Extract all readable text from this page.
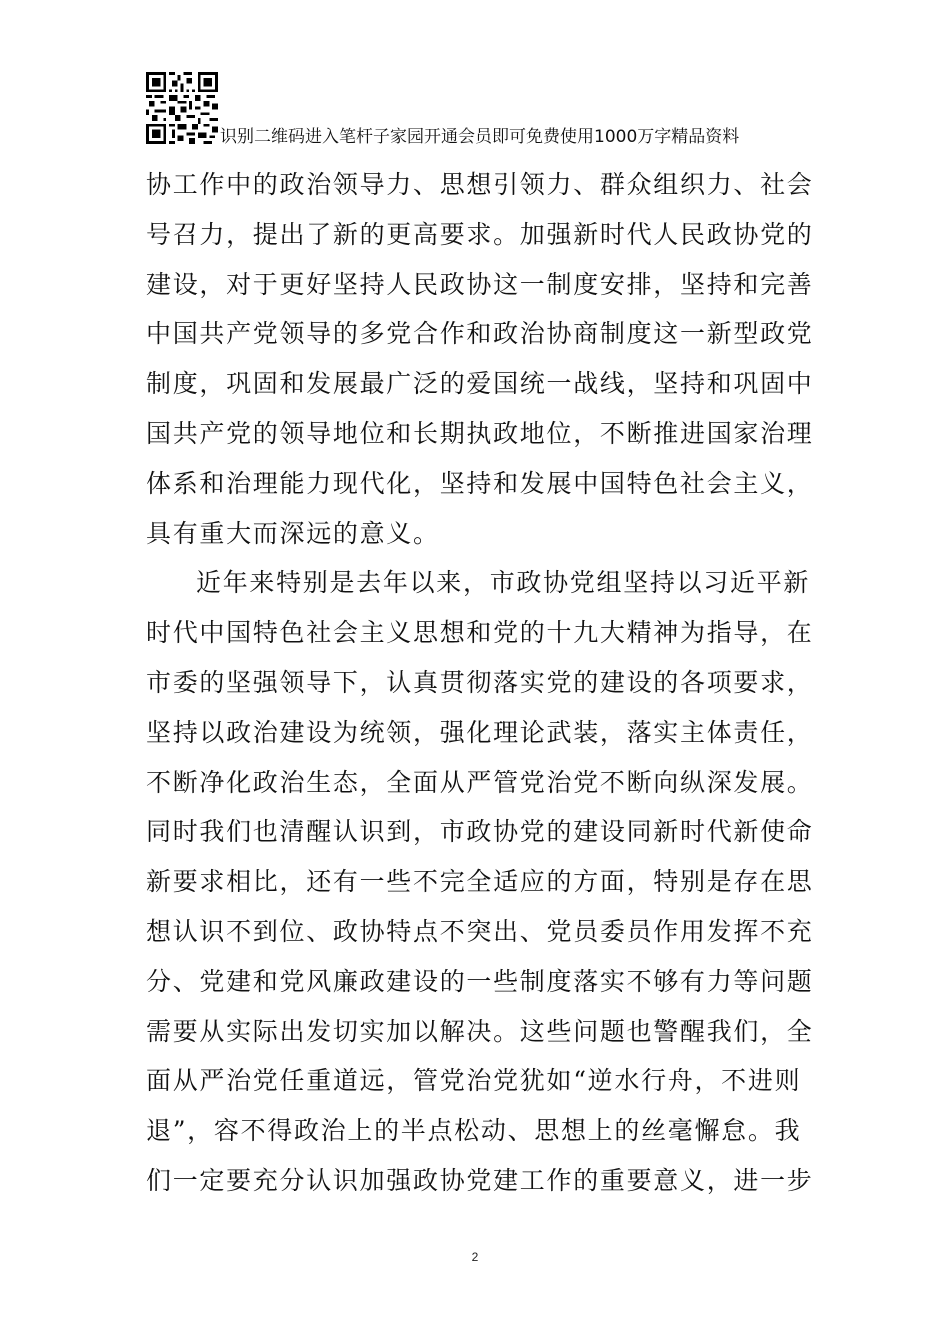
识别二维码进入笔杆子家园开通会员即可免费使用1000万字精品资料
协工作中的政治领导力、思想引领力、群众组织力、社会
号召力，提出了新的更高要求。加强新时代人民政协党的
建设，对于更好坚持人民政协这一制度安排，坚持和完善
中国共产党领导的多党合作和政治协商制度这一新型政党
制度，巩固和发展最广泛的爱国统一战线，坚持和巩固中
国共产党的领导地位和长期执政地位，不断推进国家治理
体系和治理能力现代化，坚持和发展中国特色社会主义，
具有重大而深远的意义。
近年来特别是去年以来，市政协党组坚持以习近平新
时代中国特色社会主义思想和党的十九大精神为指导，在
市委的坚强领导下，认真贯彻落实党的建设的各项要求，
坚持以政治建设为统领，强化理论武装，落实主体责任，
不断净化政治生态，全面从严管党治党不断向纵深发展。
同时我们也清醒认识到，市政协党的建设同新时代新使命
新要求相比，还有一些不完全适应的方面，特别是存在思
想认识不到位、政协特点不突出、党员委员作用发挥不充
分、党建和党风廉政建设的一些制度落实不够有力等问题
需要从实际出发切实加以解决。这些问题也警醒我们，全
面从严治党任重道远，管党治党犹如“逆水行舟，不进则
退”，容不得政治上的半点松动、思想上的丝毫懈怠。我
们一定要充分认识加强政协党建工作的重要意义，进一步
2
